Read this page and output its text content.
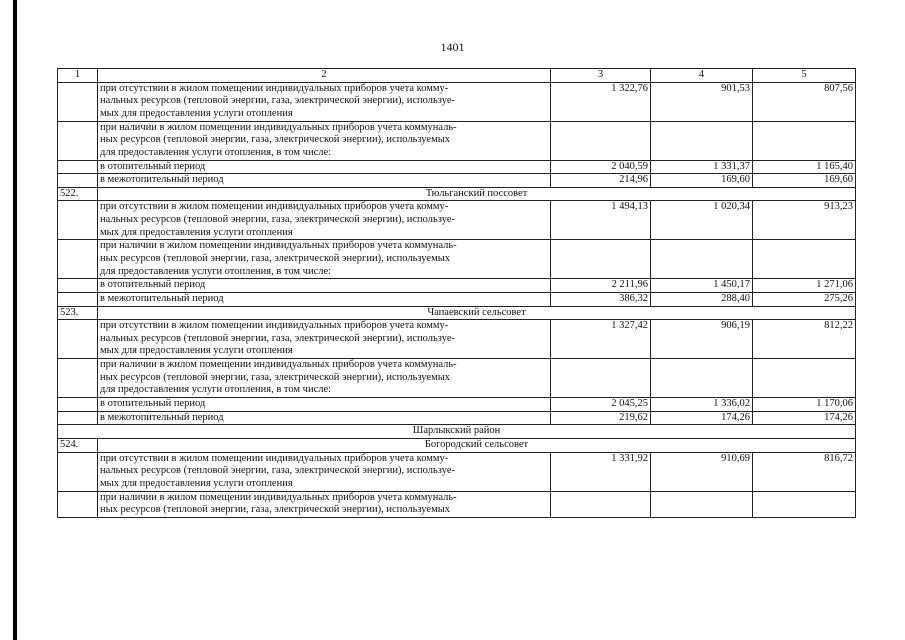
1401
1	2	3	4	5

	при отсутствии в жилом помещении индивидуальных приборов учета комму-
нальных ресурсов (тепловой энергии, газа, электрической энергии), используе-
мых для предоставления услуги отопления	1 322,76	901,53	807,56

	при наличии в жилом помещении индивидуальных приборов учета коммуналь-
ных ресурсов (тепловой энергии, газа, электрической энергии), используемых
для предоставления услуги отопления, в том числе:			

	в отопительный период	2 040,59	1 331,37	1 165,40

	в межотопительный период	214,96	169,60	169,60
522.	Тюльганский поссовет			

	при отсутствии в жилом помещении индивидуальных приборов учета комму-
нальных ресурсов (тепловой энергии, газа, электрической энергии), используе-
мых для предоставления услуги отопления	1 494,13	1 020,34	913,23

	при наличии в жилом помещении индивидуальных приборов учета коммуналь-
ных ресурсов (тепловой энергии, газа, электрической энергии), используемых
для предоставления услуги отопления, в том числе:			

	в отопительный период	2 211,96	1 450,17	1 271,06

	в межотопительный период	386,32	288,40	275,26
523.	Чапаевский сельсовет			

	при отсутствии в жилом помещении индивидуальных приборов учета комму-
нальных ресурсов (тепловой энергии, газа, электрической энергии), используе-
мых для предоставления услуги отопления	1 327,42	906,19	812,22

	при наличии в жилом помещении индивидуальных приборов учета коммуналь-
ных ресурсов (тепловой энергии, газа, электрической энергии), используемых
для предоставления услуги отопления, в том числе:			

	в отопительный период	2 045,25	1 336,02	1 170,06

	в межотопительный период	219,62	174,26	174,26
Шарлыкский район				
524.	Богородский сельсовет			

	при отсутствии в жилом помещении индивидуальных приборов учета комму-
нальных ресурсов (тепловой энергии, газа, электрической энергии), используе-
мых для предоставления услуги отопления	1 331,92	910,69	816,72

	при наличии в жилом помещении индивидуальных приборов учета коммуналь-
ных ресурсов (тепловой энергии, газа, электрической энергии), используемых			
